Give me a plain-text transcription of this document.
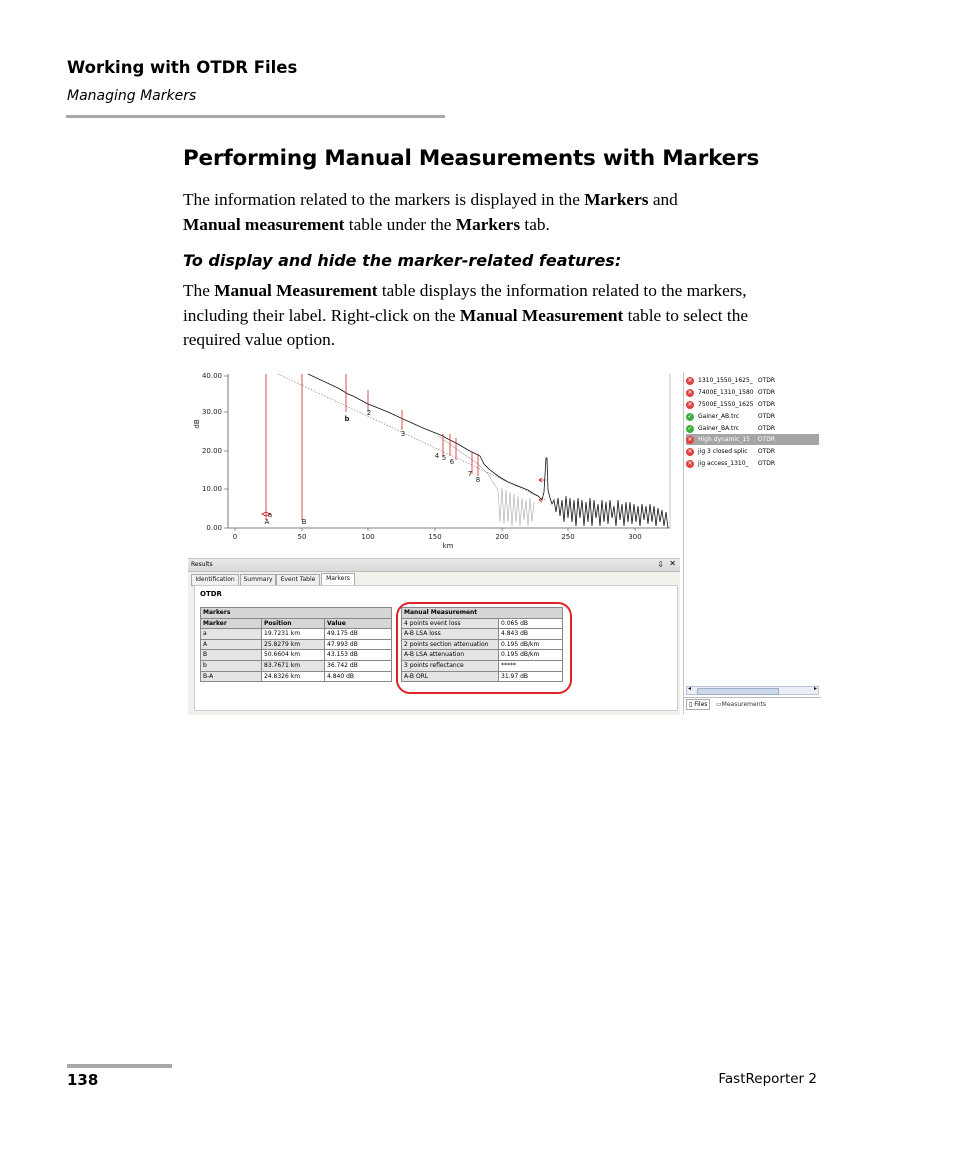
Working with OTDR Files
Managing Markers
Performing Manual Measurements with Markers
The information related to the markers is displayed in the Markers and
Manual measurement table under the Markers tab.
To display and hide the marker-related features:
The Manual Measurement table displays the information related to the markers, including their label. Right-click on the Manual Measurement table to select the required value option.
40.00
30.00
20.00
10.00
0.00
dB
0	50	100	150	200	250	300
km
A	B
a
b
2
3
4 5 6
7
8
Results	⇩ ✕
Identification	Summary	Event Table	Markers
OTDR
Markers		
Marker	Position	Value
a	19.7231 km	49.175 dB
A	25.8279 km	47.993 dB
B	50.6604 km	43.153 dB
b	83.7671 km	36.742 dB
B-A	24.8326 km	4.840 dB
Manual Measurement	
4 points event loss	0.065 dB
A-B LSA loss	4.843 dB
2 points section attenuation	0.195 dB/km
A-B LSA attenuation	0.195 dB/km
3 points reflectance	*****
A-B ORL	31.97 dB
✕ 1310_1550_1625_ OTDR
✕ 7400E_1310_1580 OTDR
✕ 7500E_1550_1625 OTDR
✓ Gainer_AB.trc	OTDR
✓ Gainer_BA.trc	OTDR
✕ High dynamic_15 OTDR
✕ jig 3 closed splic OTDR
✕ jig access_1310_ OTDR
◂	▸
▯ Files	▭Measurements
138	FastReporter 2
